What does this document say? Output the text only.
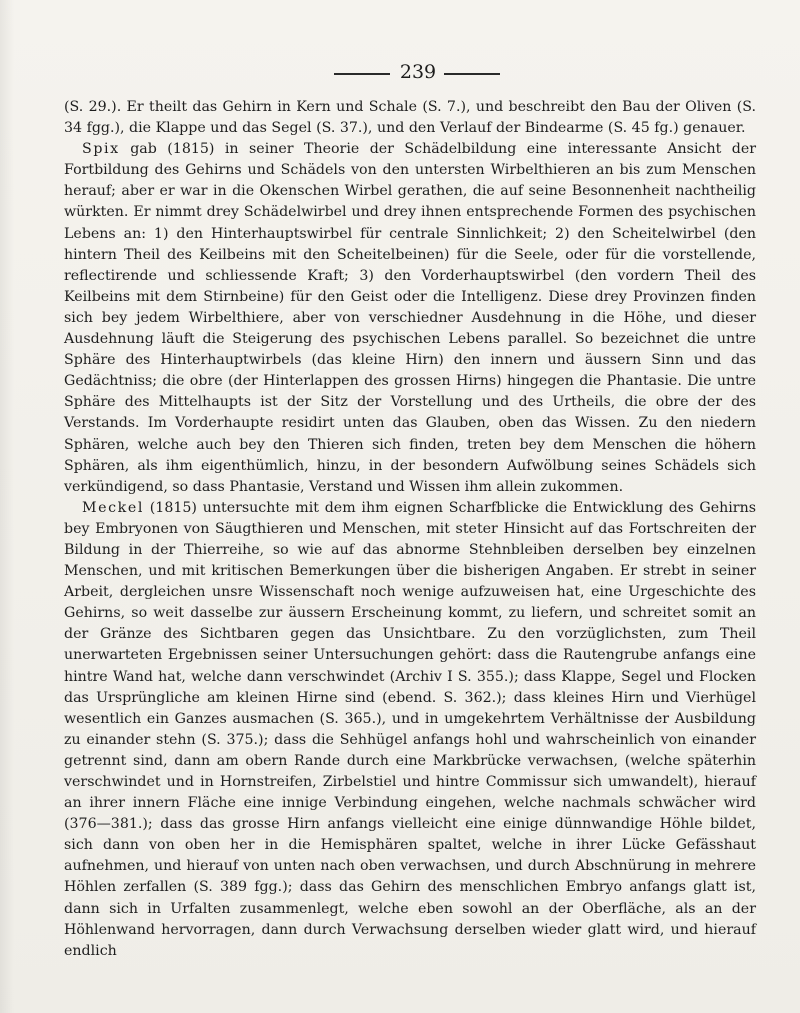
239

(S. 29.). Er theilt das Gehirn in Kern und Schale (S. 7.), und beschreibt den Bau der Oliven (S. 34 fgg.), die Klappe und das Segel (S. 37.), und den Verlauf der Bindearme (S. 45 fg.) genauer.

Spix gab (1815) in seiner Theorie der Schädelbildung eine interessante Ansicht der Fortbildung des Gehirns und Schädels von den untersten Wirbelthieren an bis zum Menschen herauf; aber er war in die Okenschen Wirbel gerathen, die auf seine Besonnenheit nachtheilig würkten. Er nimmt drey Schädelwirbel und drey ihnen entsprechende Formen des psychischen Lebens an: 1) den Hinterhauptswirbel für centrale Sinnlichkeit; 2) den Scheitelwirbel (den hintern Theil des Keilbeins mit den Scheitelbeinen) für die Seele, oder für die vorstellende, reflectirende und schliessende Kraft; 3) den Vorderhauptswirbel (den vordern Theil des Keilbeins mit dem Stirnbeine) für den Geist oder die Intelligenz. Diese drey Provinzen finden sich bey jedem Wirbelthiere, aber von verschiedner Ausdehnung in die Höhe, und dieser Ausdehnung läuft die Steigerung des psychischen Lebens parallel. So bezeichnet die untre Sphäre des Hinterhauptwirbels (das kleine Hirn) den innern und äussern Sinn und das Gedächtniss; die obre (der Hinterlappen des grossen Hirns) hingegen die Phantasie. Die untre Sphäre des Mittelhaupts ist der Sitz der Vorstellung und des Urtheils, die obre der des Verstands. Im Vorderhaupte residirt unten das Glauben, oben das Wissen. Zu den niedern Sphären, welche auch bey den Thieren sich finden, treten bey dem Menschen die höhern Sphären, als ihm eigenthümlich, hinzu, in der besondern Aufwölbung seines Schädels sich verkündigend, so dass Phantasie, Verstand und Wissen ihm allein zukommen.

Meckel (1815) untersuchte mit dem ihm eignen Scharfblicke die Entwicklung des Gehirns bey Embryonen von Säugthieren und Menschen, mit steter Hinsicht auf das Fortschreiten der Bildung in der Thierreihe, so wie auf das abnorme Stehnbleiben derselben bey einzelnen Menschen, und mit kritischen Bemerkungen über die bisherigen Angaben. Er strebt in seiner Arbeit, dergleichen unsre Wissenschaft noch wenige aufzuweisen hat, eine Urgeschichte des Gehirns, so weit dasselbe zur äussern Erscheinung kommt, zu liefern, und schreitet somit an der Gränze des Sichtbaren gegen das Unsichtbare. Zu den vorzüglichsten, zum Theil unerwarteten Ergebnissen seiner Untersuchungen gehört: dass die Rautengrube anfangs eine hintre Wand hat, welche dann verschwindet (Archiv I S. 355.); dass Klappe, Segel und Flocken das Ursprüngliche am kleinen Hirne sind (ebend. S. 362.); dass kleines Hirn und Vierhügel wesentlich ein Ganzes ausmachen (S. 365.), und in umgekehrtem Verhältnisse der Ausbildung zu einander stehn (S. 375.); dass die Sehhügel anfangs hohl und wahrscheinlich von einander getrennt sind, dann am obern Rande durch eine Markbrücke verwachsen, (welche späterhin verschwindet und in Hornstreifen, Zirbelstiel und hintre Commissur sich umwandelt), hierauf an ihrer innern Fläche eine innige Verbindung eingehen, welche nachmals schwächer wird (376—381.); dass das grosse Hirn anfangs vielleicht eine einige dünnwandige Höhle bildet, sich dann von oben her in die Hemisphären spaltet, welche in ihrer Lücke Gefässhaut aufnehmen, und hierauf von unten nach oben verwachsen, und durch Abschnürung in mehrere Höhlen zerfallen (S. 389 fgg.); dass das Gehirn des menschlichen Embryo anfangs glatt ist, dann sich in Urfalten zusammenlegt, welche eben sowohl an der Oberfläche, als an der Höhlenwand hervorragen, dann durch Verwachsung derselben wieder glatt wird, und hierauf endlich
